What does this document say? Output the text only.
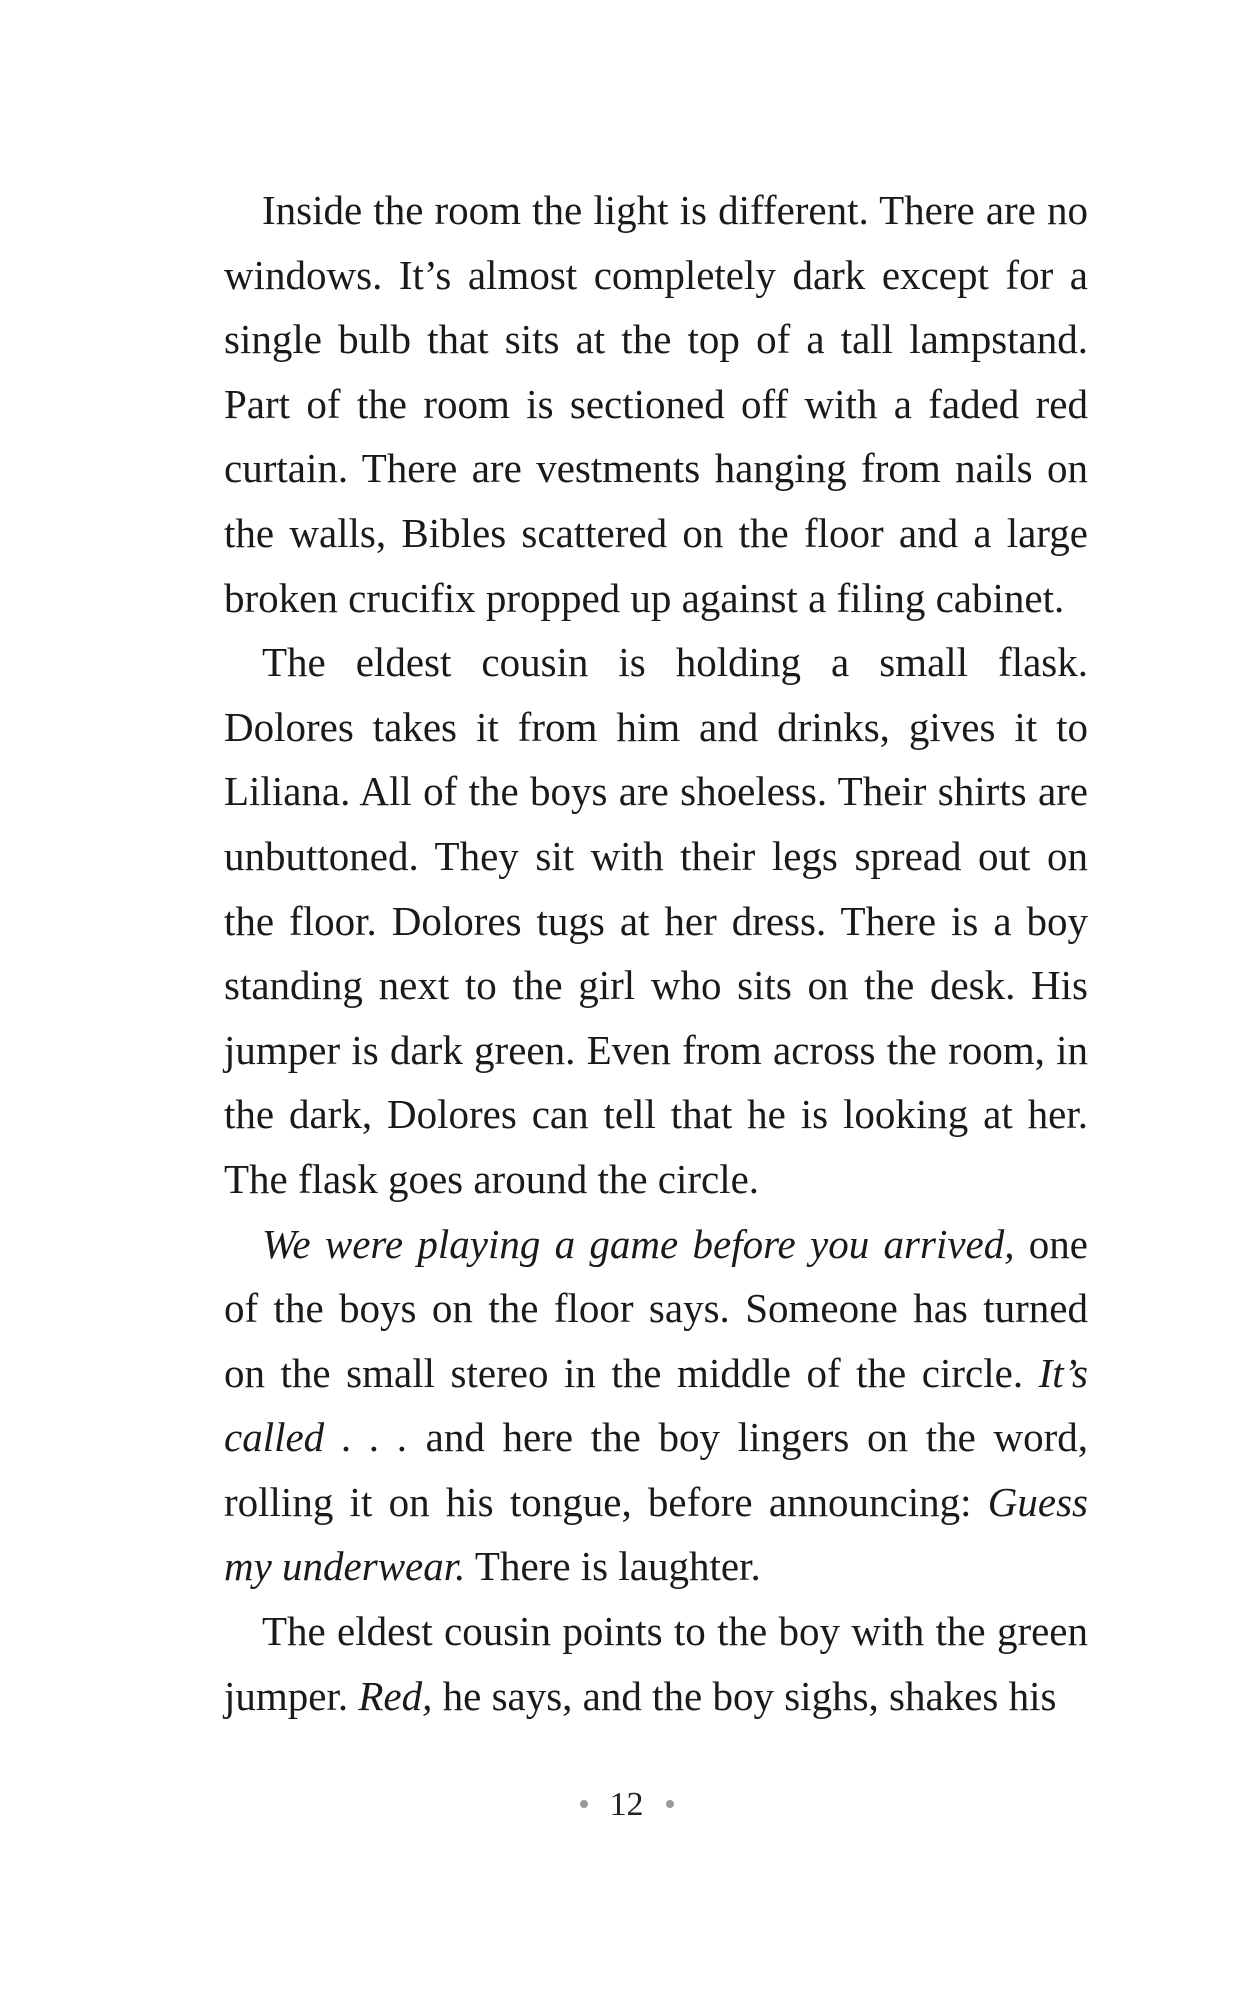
Inside the room the light is different. There are no windows. It’s almost completely dark except for a single bulb that sits at the top of a tall lampstand. Part of the room is sectioned off with a faded red curtain. There are vestments hanging from nails on the walls, Bibles scattered on the floor and a large broken crucifix propped up against a filing cabinet.

The eldest cousin is holding a small flask. Dolores takes it from him and drinks, gives it to Liliana. All of the boys are shoeless. Their shirts are unbuttoned. They sit with their legs spread out on the floor. Dolores tugs at her dress. There is a boy standing next to the girl who sits on the desk. His jumper is dark green. Even from across the room, in the dark, Dolores can tell that he is looking at her. The flask goes around the circle.

We were playing a game before you arrived, one of the boys on the floor says. Someone has turned on the small stereo in the middle of the circle. It’s called . . . and here the boy lingers on the word, rolling it on his tongue, before announcing: Guess my underwear. There is laughter.

The eldest cousin points to the boy with the green jumper. Red, he says, and the boy sighs, shakes his

12
